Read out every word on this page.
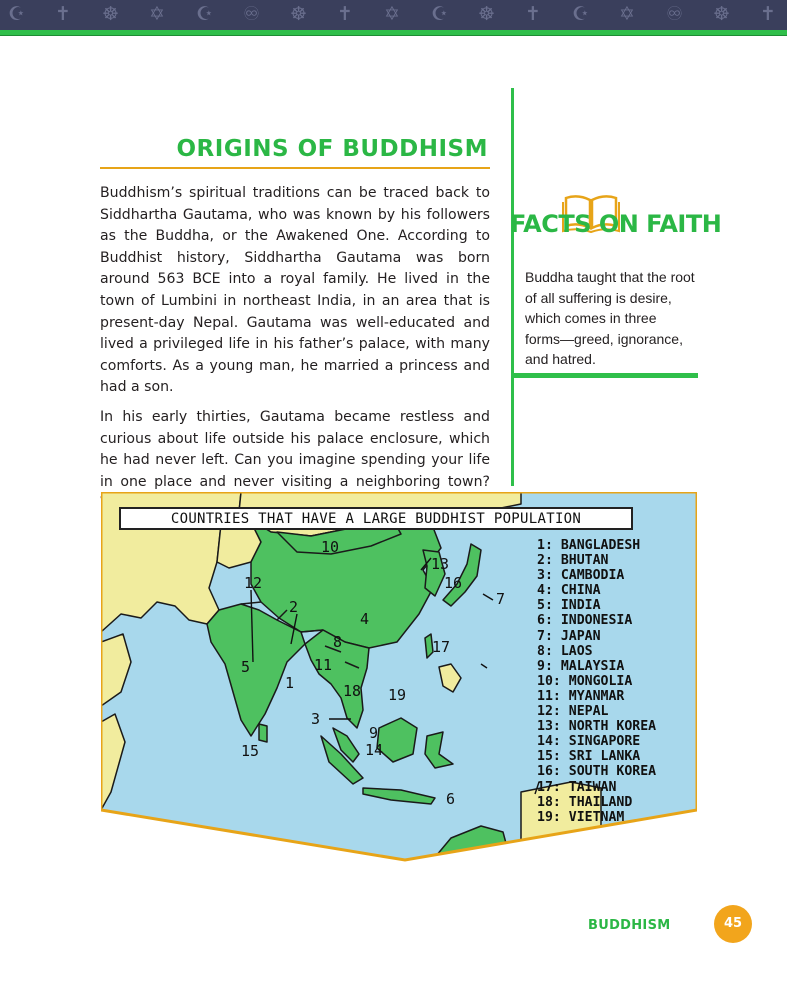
☪ ✝ ☸ ✡ ☪ ♾ ☸ ✝ ✡ ☪ ☸ ✝ ☪ ✡ ♾ ☸ ✝
ORIGINS OF BUDDHISM

Buddhism’s spiritual traditions can be traced back to Siddhartha Gautama, who was known by his followers as the Buddha, or the Awakened One. According to Buddhist history, Siddhartha Gautama was born around 563 BCE into a royal family. He lived in the town of Lumbini in northeast India, in an area that is present-day Nepal. Gautama was well-educated and lived a privileged life in his father’s palace, with many comforts. As a young man, he married a princess and had a son.

In his early thirties, Gautama became restless and curious about life outside his palace enclosure, which he had never left. Can you imagine spending your life in one place and never visiting a neighboring town?

FACTS ON FAITH
Buddha taught that the root of all suffering is desire, which comes in three forms—greed, ignorance, and hatred.
1
2
3
4
5
6
7
8
9
10
11
12
13
14
15
16
17
18 19
COUNTRIES THAT HAVE A LARGE BUDDHIST POPULATION
1: BANGLADESH
2: BHUTAN
3: CAMBODIA
4: CHINA
5: INDIA
6: INDONESIA
7: JAPAN
8: LAOS
9: MALAYSIA
10: MONGOLIA
11: MYANMAR
12: NEPAL
13: NORTH KOREA
14: SINGAPORE
15: SRI LANKA
16: SOUTH KOREA
17: TAIWAN
18: THAILAND
19: VIETNAM
BUDDHISM	45
